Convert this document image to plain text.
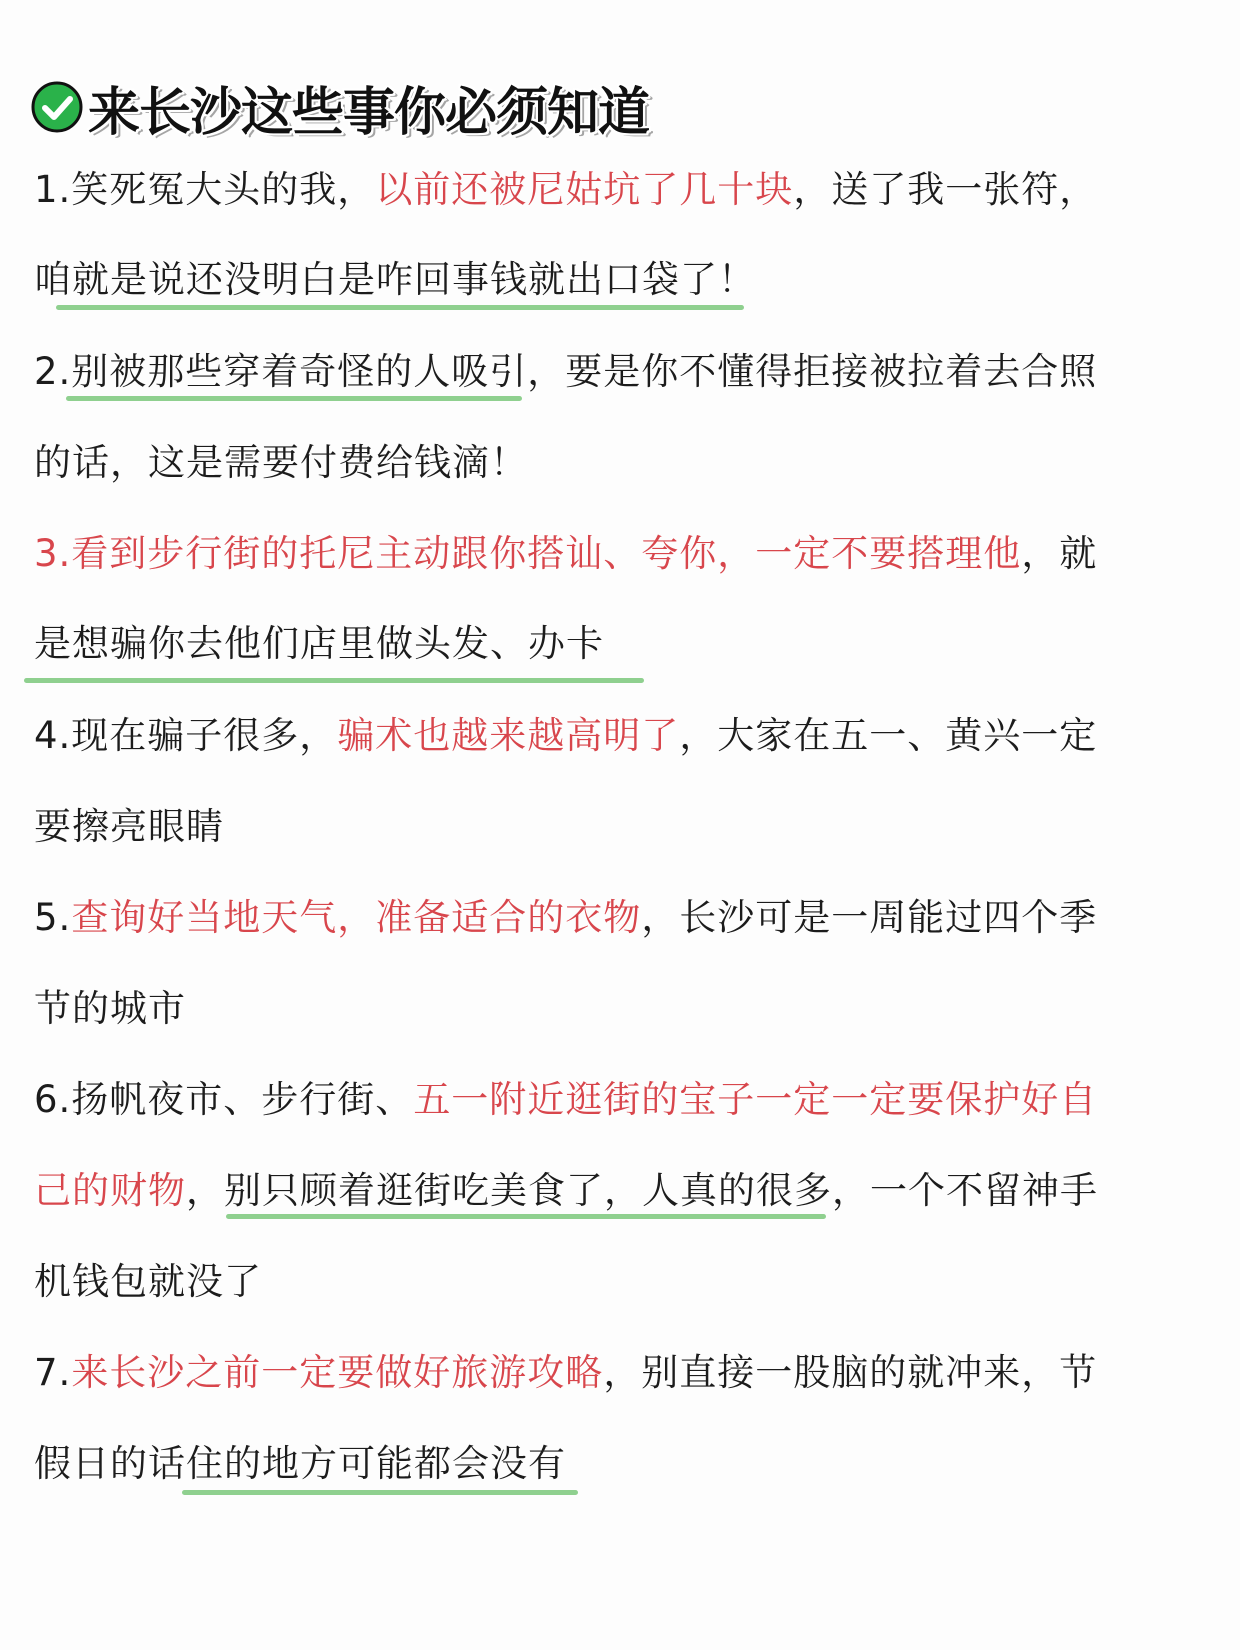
来长沙这些事你必须知道
1.笑死冤大头的我，以前还被尼姑坑了几十块，送了我一张符，
咱就是说还没明白是咋回事钱就出口袋了！
2.别被那些穿着奇怪的人吸引，要是你不懂得拒接被拉着去合照
的话，这是需要付费给钱滴！
3.看到步行街的托尼主动跟你搭讪、夸你，一定不要搭理他，就
是想骗你去他们店里做头发、办卡
4.现在骗子很多，骗术也越来越高明了，大家在五一、黄兴一定
要擦亮眼睛
5.查询好当地天气，准备适合的衣物，长沙可是一周能过四个季
节的城市
6.扬帆夜市、步行街、五一附近逛街的宝子一定一定要保护好自
己的财物，别只顾着逛街吃美食了，人真的很多，一个不留神手
机钱包就没了
7.来长沙之前一定要做好旅游攻略，别直接一股脑的就冲来，节
假日的话住的地方可能都会没有
